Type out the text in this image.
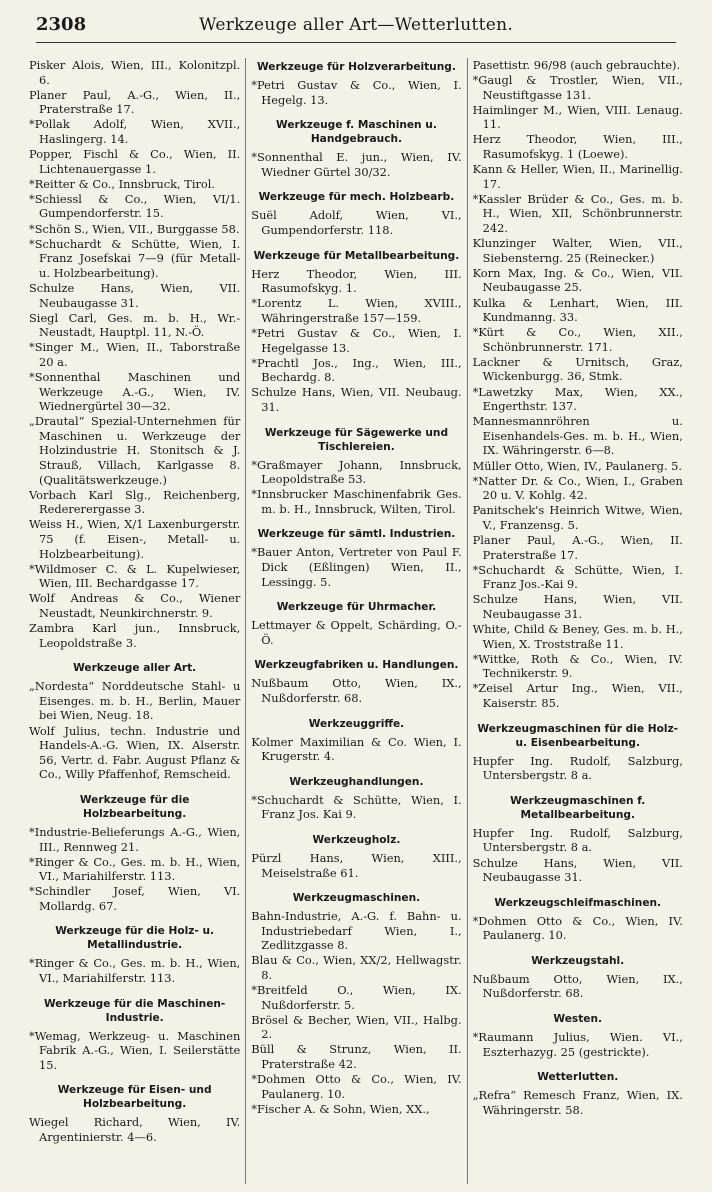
2308	Werkzeuge aller Art—Wetterlutten.
Pisker Alois, Wien, III., Kolonitzpl. 6.
Planer Paul, A.-G., Wien, II., Praterstraße 17.
*Pollak Adolf, Wien, XVII., Haslingerg. 14.
Popper, Fischl & Co., Wien, II. Lichtenauergasse 1.
*Reitter & Co., Innsbruck, Tirol.
*Schiessl & Co., Wien, VI/1. Gumpendorferstr. 15.
*Schön S., Wien, VII., Burggasse 58.
*Schuchardt & Schütte, Wien, I. Franz Josefskai 7—9 (für Metall- u. Holzbearbeitung).
Schulze Hans, Wien, VII. Neubaugasse 31.
Siegl Carl, Ges. m. b. H., Wr.-Neustadt, Hauptpl. 11, N.-Ö.
*Singer M., Wien, II., Taborstraße 20 a.
*Sonnenthal Maschinen und Werkzeuge A.-G., Wien, IV. Wiednergürtel 30—32.
„Drautal“ Spezial-Unternehmen für Maschinen u. Werkzeuge der Holzindustrie H. Stonitsch & J. Strauß, Villach, Karlgasse 8. (Qualitätswerkzeuge.)
Vorbach Karl Slg., Reichenberg, Redererergasse 3.
Weiss H., Wien, X/1 Laxenburgerstr. 75 (f. Eisen-, Metall- u. Holzbearbeitung).
*Wildmoser C. & L. Kupelwieser, Wien, III. Bechardgasse 17.
Wolf Andreas & Co., Wiener Neustadt, Neunkirchnerstr. 9.
Zambra Karl jun., Innsbruck, Leopoldstraße 3.
Werkzeuge aller Art.
„Nordesta“ Norddeutsche Stahl- u Eisenges. m. b. H., Berlin, Mauer bei Wien, Neug. 18.
Wolf Julius, techn. Industrie und Handels-A.-G. Wien, IX. Alserstr. 56, Vertr. d. Fabr. August Pflanz & Co., Willy Pfaffenhof, Remscheid.
Werkzeuge für die Holzbearbeitung.
*Industrie-Belieferungs A.-G., Wien, III., Rennweg 21.
*Ringer & Co., Ges. m. b. H., Wien, VI., Mariahilferstr. 113.
*Schindler Josef, Wien, VI. Mollardg. 67.
Werkzeuge für die Holz- u. Metallindustrie.
*Ringer & Co., Ges. m. b. H., Wien, VI., Mariahilferstr. 113.
Werkzeuge für die Maschinen-Industrie.
*Wemag, Werkzeug- u. Maschinen Fabrik A.-G., Wien, I. Seilerstätte 15.
Werkzeuge für Eisen- und Holzbearbeitung.
Wiegel Richard, Wien, IV. Argentinierstr. 4—6.
Werkzeuge für Holzverarbeitung.
*Petri Gustav & Co., Wien, I. Hegelg. 13.
Werkzeuge f. Maschinen u. Handgebrauch.
*Sonnenthal E. jun., Wien, IV. Wiedner Gürtel 30/32.
Werkzeuge für mech. Holzbearb.
Suël Adolf, Wien, VI., Gumpendorferstr. 118.
Werkzeuge für Metallbearbeitung.
Herz Theodor, Wien, III. Rasumofskyg. 1.
*Lorentz L. Wien, XVIII., Währingerstraße 157—159.
*Petri Gustav & Co., Wien, I. Hegelgasse 13.
*Prachtl Jos., Ing., Wien, III., Bechardg. 8.
Schulze Hans, Wien, VII. Neubaug. 31.
Werkzeuge für Sägewerke und Tischlereien.
*Graßmayer Johann, Innsbruck, Leopoldstraße 53.
*Innsbrucker Maschinenfabrik Ges. m. b. H., Innsbruck, Wilten, Tirol.
Werkzeuge für sämtl. Industrien.
*Bauer Anton, Vertreter von Paul F. Dick (Eßlingen) Wien, II., Lessingg. 5.
Werkzeuge für Uhrmacher.
Lettmayer & Oppelt, Schärding, O.-Ö.
Werkzeugfabriken u. Handlungen.
Nußbaum Otto, Wien, IX., Nußdorferstr. 68.
Werkzeuggriffe.
Kolmer Maximilian & Co. Wien, I. Krugerstr. 4.
Werkzeughandlungen.
*Schuchardt & Schütte, Wien, I. Franz Jos. Kai 9.
Werkzeugholz.
Pürzl Hans, Wien, XIII., Meiselstraße 61.
Werkzeugmaschinen.
Bahn-Industrie, A.-G. f. Bahn- u. Industriebedarf Wien, I., Zedlitzgasse 8.
Blau & Co., Wien, XX/2, Hellwagstr. 8.
*Breitfeld O., Wien, IX. Nußdorferstr. 5.
Brösel & Becher, Wien, VII., Halbg. 2.
Büll & Strunz, Wien, II. Praterstraße 42.
*Dohmen Otto & Co., Wien, IV. Paulanerg. 10.
*Fischer A. & Sohn, Wien, XX.,
Pasettistr. 96/98 (auch gebrauchte).
*Gaugl & Trostler, Wien, VII., Neustiftgasse 131.
Haimlinger M., Wien, VIII. Lenaug. 11.
Herz Theodor, Wien, III., Rasumofskyg. 1 (Loewe).
Kann & Heller, Wien, II., Marinellig. 17.
*Kassler Brüder & Co., Ges. m. b. H., Wien, XII, Schönbrunnerstr. 242.
Klunzinger Walter, Wien, VII., Siebensterng. 25 (Reinecker.)
Korn Max, Ing. & Co., Wien, VII. Neubaugasse 25.
Kulka & Lenhart, Wien, III. Kundmanng. 33.
*Kürt & Co., Wien, XII., Schönbrunnerstr. 171.
Lackner & Urnitsch, Graz, Wickenburgg. 36, Stmk.
*Lawetzky Max, Wien, XX., Engerthstr. 137.
Mannesmannröhren u. Eisenhandels-Ges. m. b. H., Wien, IX. Währingerstr. 6—8.
Müller Otto, Wien, IV., Paulanerg. 5.
*Natter Dr. & Co., Wien, I., Graben 20 u. V. Kohlg. 42.
Panitschek's Heinrich Witwe, Wien, V., Franzensg. 5.
Planer Paul, A.-G., Wien, II. Praterstraße 17.
*Schuchardt & Schütte, Wien, I. Franz Jos.-Kai 9.
Schulze Hans, Wien, VII. Neubaugasse 31.
White, Child & Beney, Ges. m. b. H., Wien, X. Troststraße 11.
*Wittke, Roth & Co., Wien, IV. Technikerstr. 9.
*Zeisel Artur Ing., Wien, VII., Kaiserstr. 85.
Werkzeugmaschinen für die Holz- u. Eisenbearbeitung.
Hupfer Ing. Rudolf, Salzburg, Untersbergstr. 8 a.
Werkzeugmaschinen f. Metallbearbeitung.
Hupfer Ing. Rudolf, Salzburg, Untersbergstr. 8 a.
Schulze Hans, Wien, VII. Neubaugasse 31.
Werkzeugschleifmaschinen.
*Dohmen Otto & Co., Wien, IV. Paulanerg. 10.
Werkzeugstahl.
Nußbaum Otto, Wien, IX., Nußdorferstr. 68.
Westen.
*Raumann Julius, Wien. VI., Eszterhazyg. 25 (gestrickte).
Wetterlutten.
„Refra“ Remesch Franz, Wien, IX. Währingerstr. 58.
